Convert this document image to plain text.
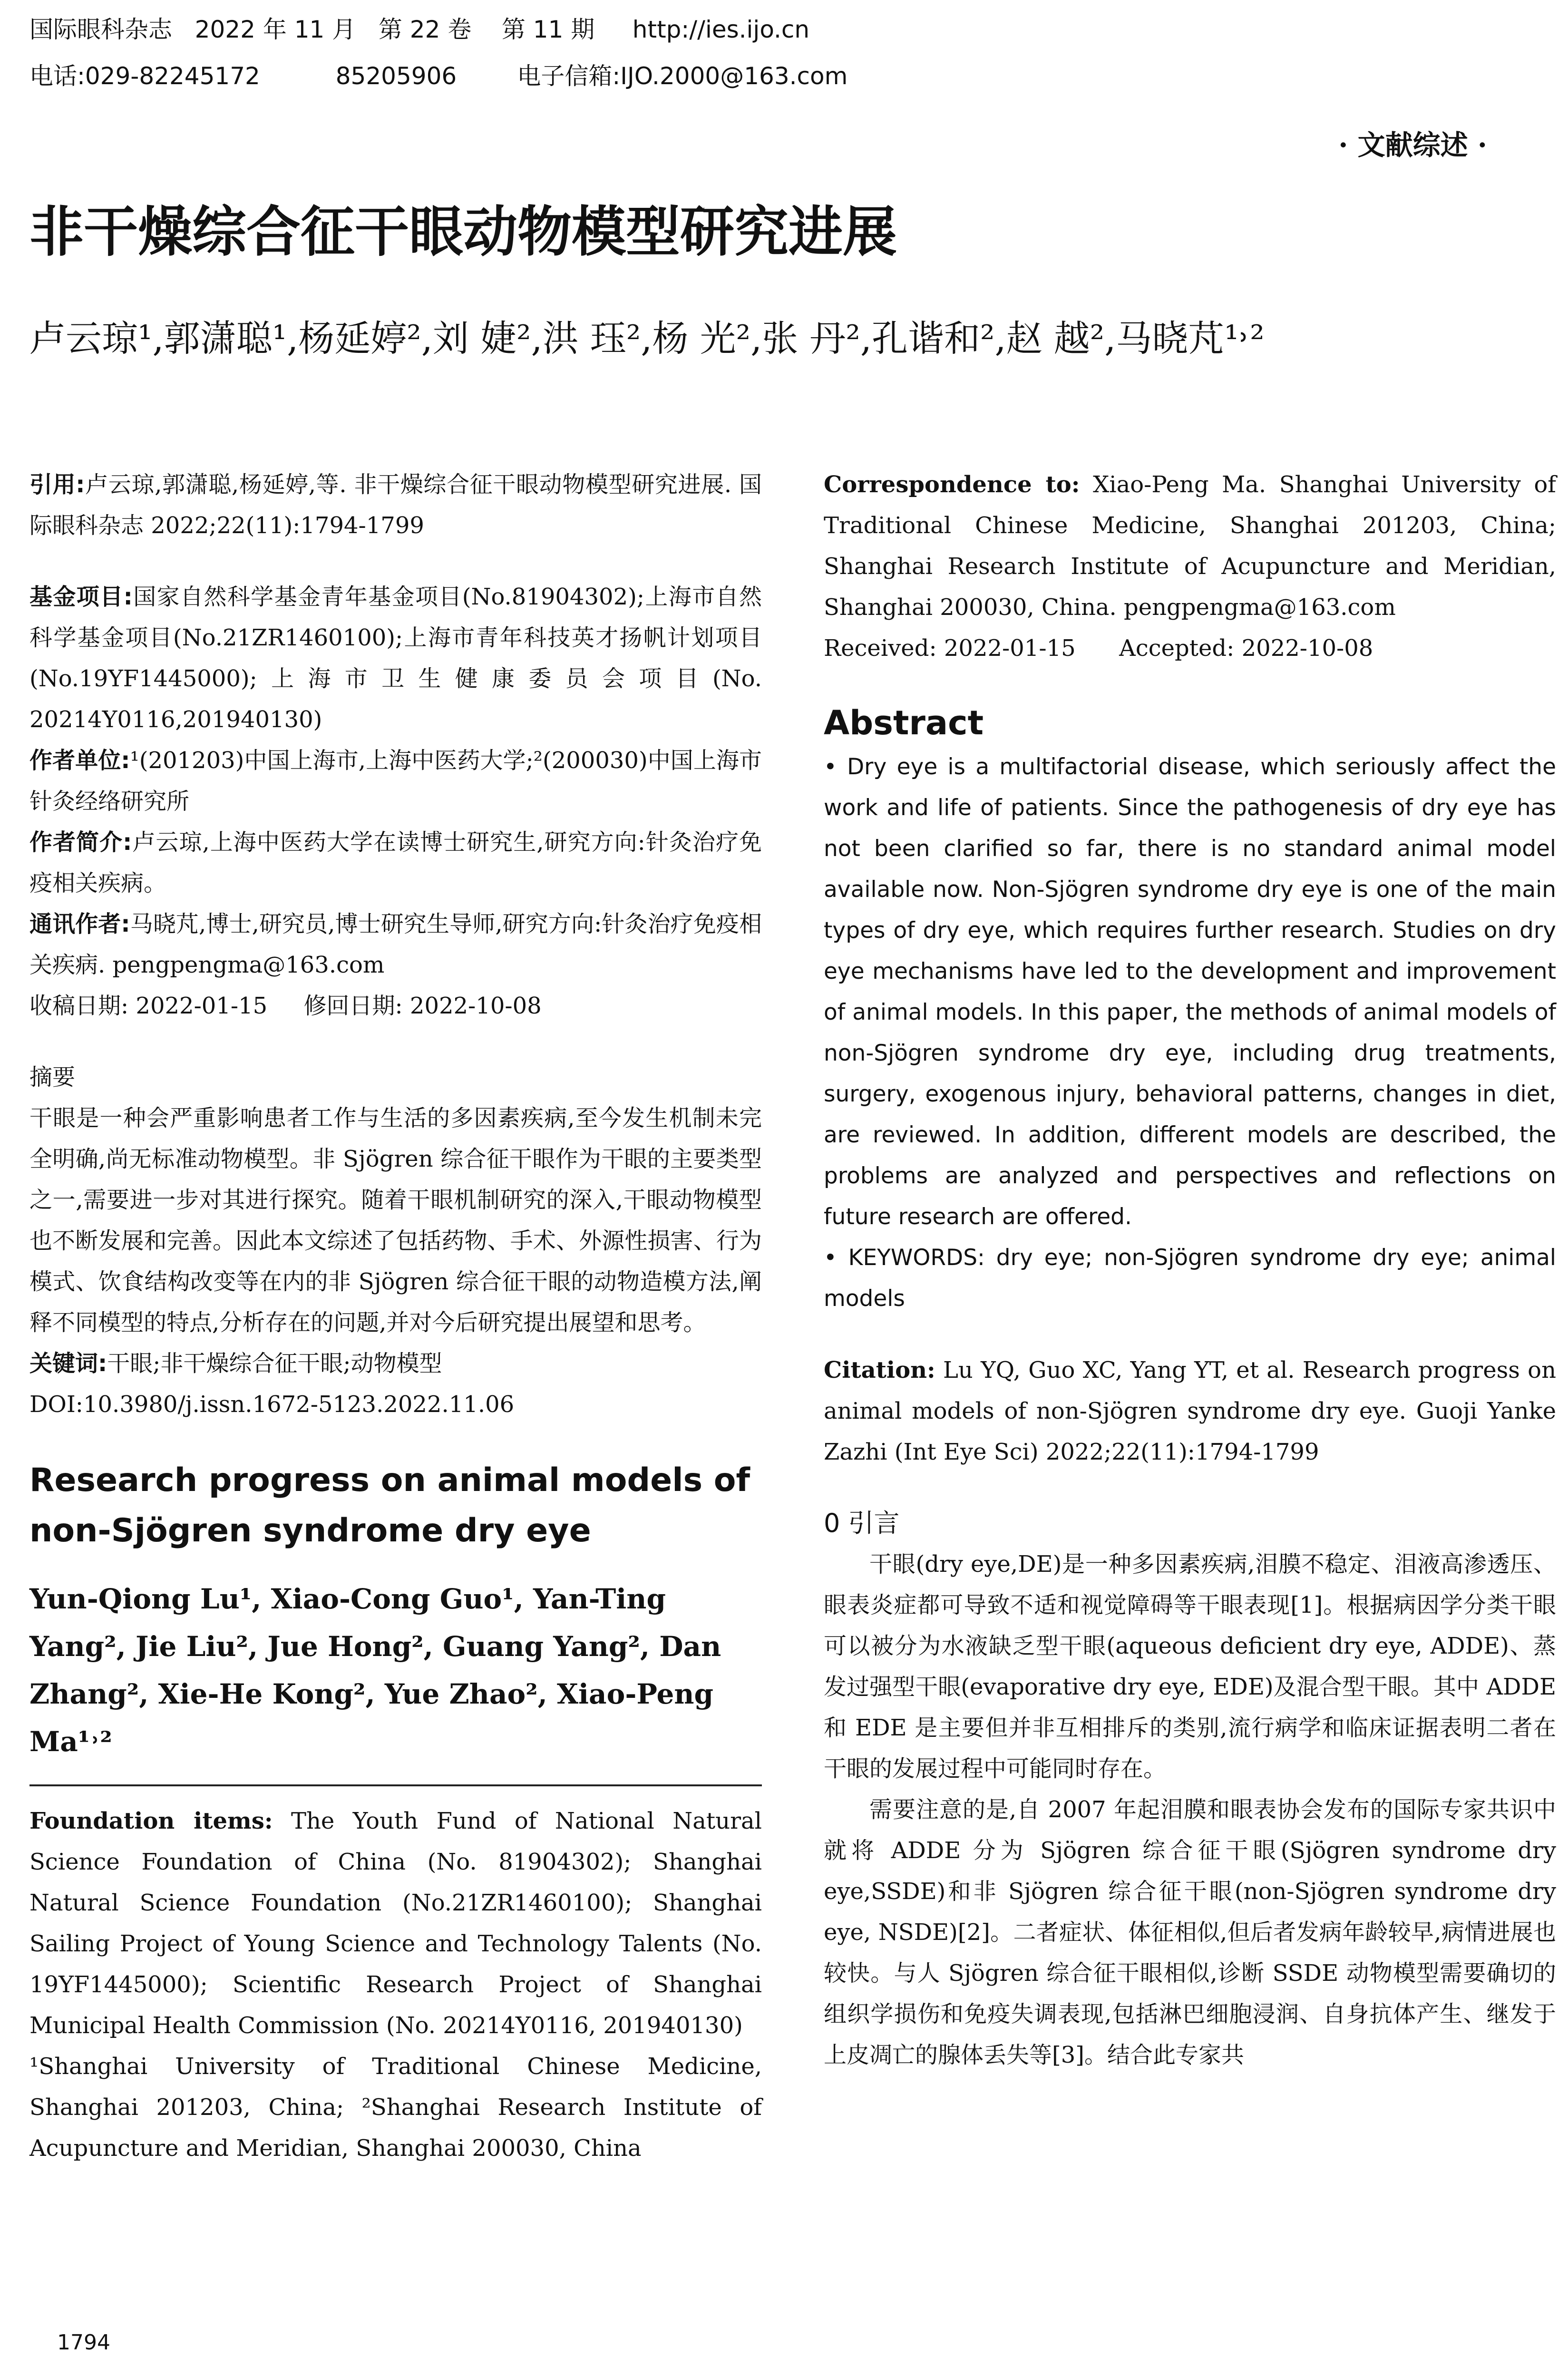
国际眼科杂志   2022 年 11 月   第 22 卷    第 11 期     http://ies.ijo.cn
电话:029-82245172          85205906        电子信箱:IJO.2000@163.com
· 文献综述 ·
非干燥综合征干眼动物模型研究进展
卢云琼¹,郭潇聪¹,杨延婷²,刘 婕²,洪 珏²,杨 光²,张 丹²,孔谐和²,赵 越²,马晓芃¹˒²

引用:卢云琼,郭潇聪,杨延婷,等. 非干燥综合征干眼动物模型研究进展. 国际眼科杂志 2022;22(11):1794-1799

基金项目:国家自然科学基金青年基金项目(No.81904302);上海市自然科学基金项目(No.21ZR1460100);上海市青年科技英才扬帆计划项目(No.19YF1445000);上海市卫生健康委员会项目(No. 20214Y0116,201940130)

作者单位:¹(201203)中国上海市,上海中医药大学;²(200030)中国上海市针灸经络研究所

作者简介:卢云琼,上海中医药大学在读博士研究生,研究方向:针灸治疗免疫相关疾病。

通讯作者:马晓芃,博士,研究员,博士研究生导师,研究方向:针灸治疗免疫相关疾病. pengpengma@163.com

收稿日期: 2022-01-15     修回日期: 2022-10-08

摘要

干眼是一种会严重影响患者工作与生活的多因素疾病,至今发生机制未完全明确,尚无标准动物模型。非 Sjögren 综合征干眼作为干眼的主要类型之一,需要进一步对其进行探究。随着干眼机制研究的深入,干眼动物模型也不断发展和完善。因此本文综述了包括药物、手术、外源性损害、行为模式、饮食结构改变等在内的非 Sjögren 综合征干眼的动物造模方法,阐释不同模型的特点,分析存在的问题,并对今后研究提出展望和思考。

关键词:干眼;非干燥综合征干眼;动物模型

DOI:10.3980/j.issn.1672-5123.2022.11.06

Research progress on animal models of non-Sjögren syndrome dry eye

Yun-Qiong Lu¹, Xiao-Cong Guo¹, Yan-Ting Yang², Jie Liu², Jue Hong², Guang Yang², Dan Zhang², Xie-He Kong², Yue Zhao², Xiao-Peng Ma¹˒²

Foundation items: The Youth Fund of National Natural Science Foundation of China (No. 81904302); Shanghai Natural Science Foundation (No.21ZR1460100); Shanghai Sailing Project of Young Science and Technology Talents (No. 19YF1445000); Scientific Research Project of Shanghai Municipal Health Commission (No. 20214Y0116, 201940130)

¹Shanghai University of Traditional Chinese Medicine, Shanghai 201203, China; ²Shanghai Research Institute of Acupuncture and Meridian, Shanghai 200030, China

Correspondence to: Xiao-Peng Ma. Shanghai University of Traditional Chinese Medicine, Shanghai 201203, China; Shanghai Research Institute of Acupuncture and Meridian, Shanghai 200030, China. pengpengma@163.com

Received: 2022-01-15      Accepted: 2022-10-08

Abstract

• Dry eye is a multifactorial disease, which seriously affect the work and life of patients. Since the pathogenesis of dry eye has not been clarified so far, there is no standard animal model available now. Non-Sjögren syndrome dry eye is one of the main types of dry eye, which requires further research. Studies on dry eye mechanisms have led to the development and improvement of animal models. In this paper, the methods of animal models of non-Sjögren syndrome dry eye, including drug treatments, surgery, exogenous injury, behavioral patterns, changes in diet, are reviewed. In addition, different models are described, the problems are analyzed and perspectives and reflections on future research are offered.

• KEYWORDS: dry eye; non-Sjögren syndrome dry eye; animal models

Citation: Lu YQ, Guo XC, Yang YT, et al. Research progress on animal models of non-Sjögren syndrome dry eye. Guoji Yanke Zazhi (Int Eye Sci) 2022;22(11):1794-1799

0 引言

干眼(dry eye,DE)是一种多因素疾病,泪膜不稳定、泪液高渗透压、眼表炎症都可导致不适和视觉障碍等干眼表现[1]。根据病因学分类干眼可以被分为水液缺乏型干眼(aqueous deficient dry eye, ADDE)、蒸发过强型干眼(evaporative dry eye, EDE)及混合型干眼。其中 ADDE 和 EDE 是主要但并非互相排斥的类别,流行病学和临床证据表明二者在干眼的发展过程中可能同时存在。

需要注意的是,自 2007 年起泪膜和眼表协会发布的国际专家共识中就将 ADDE 分为 Sjögren 综合征干眼(Sjögren syndrome dry eye,SSDE)和非 Sjögren 综合征干眼(non-Sjögren syndrome dry eye, NSDE)[2]。二者症状、体征相似,但后者发病年龄较早,病情进展也较快。与人 Sjögren 综合征干眼相似,诊断 SSDE 动物模型需要确切的组织学损伤和免疫失调表现,包括淋巴细胞浸润、自身抗体产生、继发于上皮凋亡的腺体丢失等[3]。结合此专家共

1794
